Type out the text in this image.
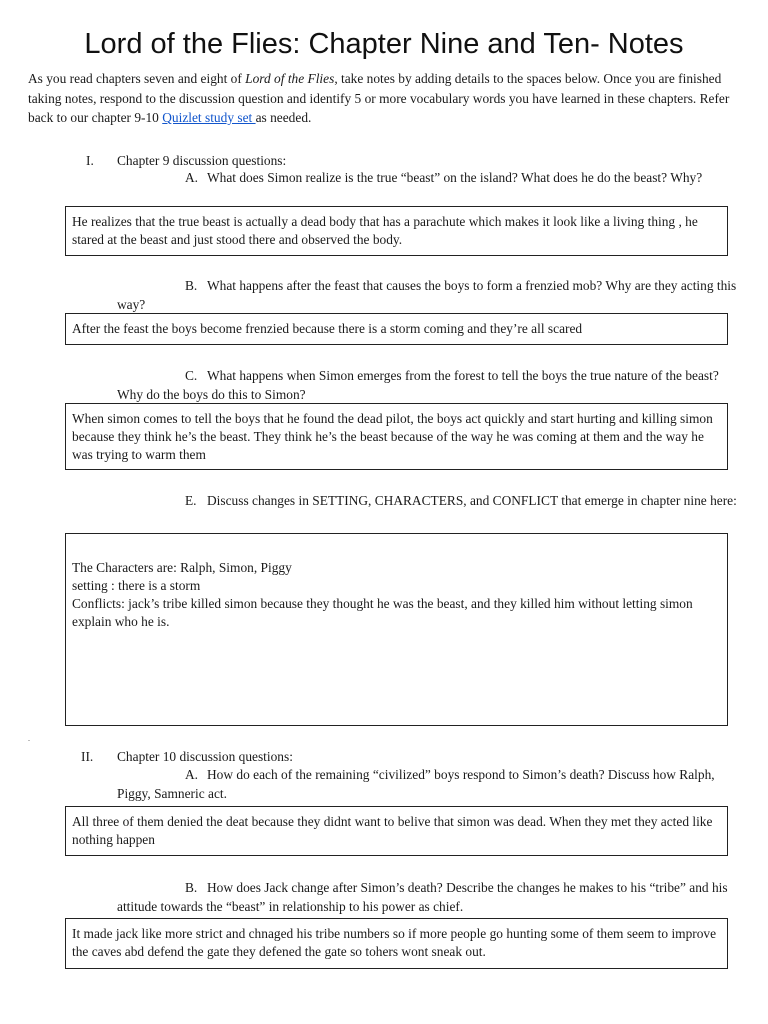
Lord of the Flies: Chapter Nine and Ten- Notes
As you read chapters seven and eight of Lord of the Flies, take notes by adding details to the spaces below. Once you are finished taking notes, respond to the discussion question and identify 5 or more vocabulary words you have learned in these chapters. Refer back to our chapter 9-10 Quizlet study set as needed.
I. Chapter 9 discussion questions:
A. What does Simon realize is the true “beast” on the island? What does he do the beast? Why?
He realizes that the true beast is actually a dead body that has a parachute which makes it look like a living thing , he stared at the beast and just stood there and observed the body.
B. What happens after the feast that causes the boys to form a frenzied mob? Why are they acting this way?
After the feast the boys become frenzied because there is a storm coming and they’re all scared
C. What happens when Simon emerges from the forest to tell the boys the true nature of the beast? Why do the boys do this to Simon?
When simon comes to tell the boys that he found the dead pilot, the boys act quickly and start hurting and killing simon because they think he’s the beast. They think he’s the beast because of the way he was coming at them and the way he was trying to warm them
E. Discuss changes in SETTING, CHARACTERS, and CONFLICT that emerge in chapter nine here:
The Characters are: Ralph, Simon, Piggy
setting : there is a storm
Conflicts: jack’s tribe killed simon because they thought he was the beast, and they killed him without letting simon explain who he is.
.
II. Chapter 10 discussion questions:
A. How do each of the remaining “civilized” boys respond to Simon’s death? Discuss how Ralph, Piggy, Samneric act.
All three of them denied the deat because they didnt want to belive that simon was dead. When they met they acted like nothing happen
B. How does Jack change after Simon’s death? Describe the changes he makes to his “tribe” and his attitude towards the “beast” in relationship to his power as chief.
It made jack like more strict and chnaged his tribe numbers so if more people go hunting some of them seem to improve the caves abd defend the gate they defened the gate so tohers wont sneak out.
